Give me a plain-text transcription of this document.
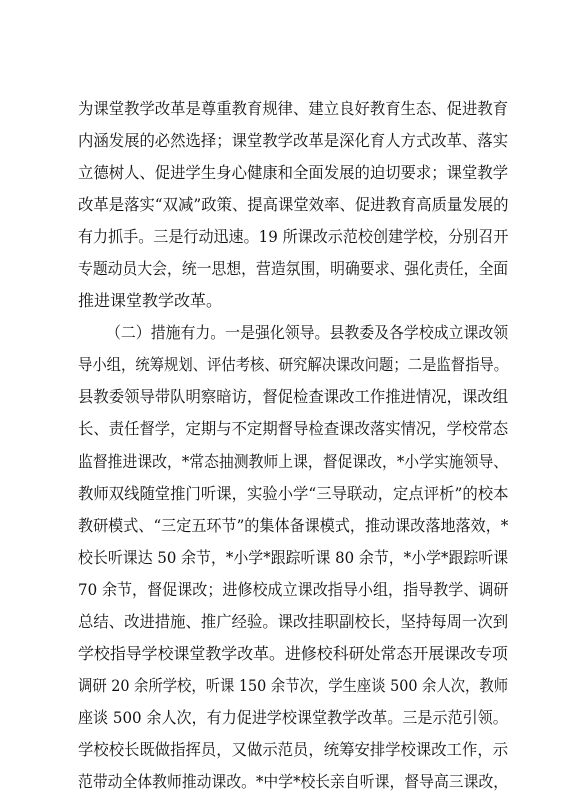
为课堂教学改革是尊重教育规律、建立良好教育生态、促进教育
内涵发展的必然选择；课堂教学改革是深化育人方式改革、落实
立德树人、促进学生身心健康和全面发展的迫切要求；课堂教学
改革是落实“双减”政策、提高课堂效率、促进教育高质量发展的
有力抓手。三是行动迅速。19 所课改示范校创建学校，分别召开
专题动员大会，统一思想，营造氛围，明确要求、强化责任，全面
推进课堂教学改革。
（二）措施有力。一是强化领导。县教委及各学校成立课改领
导小组，统筹规划、评估考核、研究解决课改问题；二是监督指导。
县教委领导带队明察暗访，督促检查课改工作推进情况，课改组
长、责任督学，定期与不定期督导检查课改落实情况，学校常态
监督推进课改，*常态抽测教师上课，督促课改，*小学实施领导、
教师双线随堂推门听课，实验小学“三导联动，定点评析”的校本
教研模式、“三定五环节”的集体备课模式，推动课改落地落效，*
校长听课达 50 余节，*小学*跟踪听课 80 余节，*小学*跟踪听课
70 余节，督促课改；进修校成立课改指导小组，指导教学、调研
总结、改进措施、推广经验。课改挂职副校长，坚持每周一次到
学校指导学校课堂教学改革。进修校科研处常态开展课改专项
调研 20 余所学校，听课 150 余节次，学生座谈 500 余人次，教师
座谈 500 余人次，有力促进学校课堂教学改革。三是示范引领。
学校校长既做指挥员，又做示范员，统筹安排学校课改工作，示
范带动全体教师推动课改。*中学*校长亲自听课，督导高三课改，
